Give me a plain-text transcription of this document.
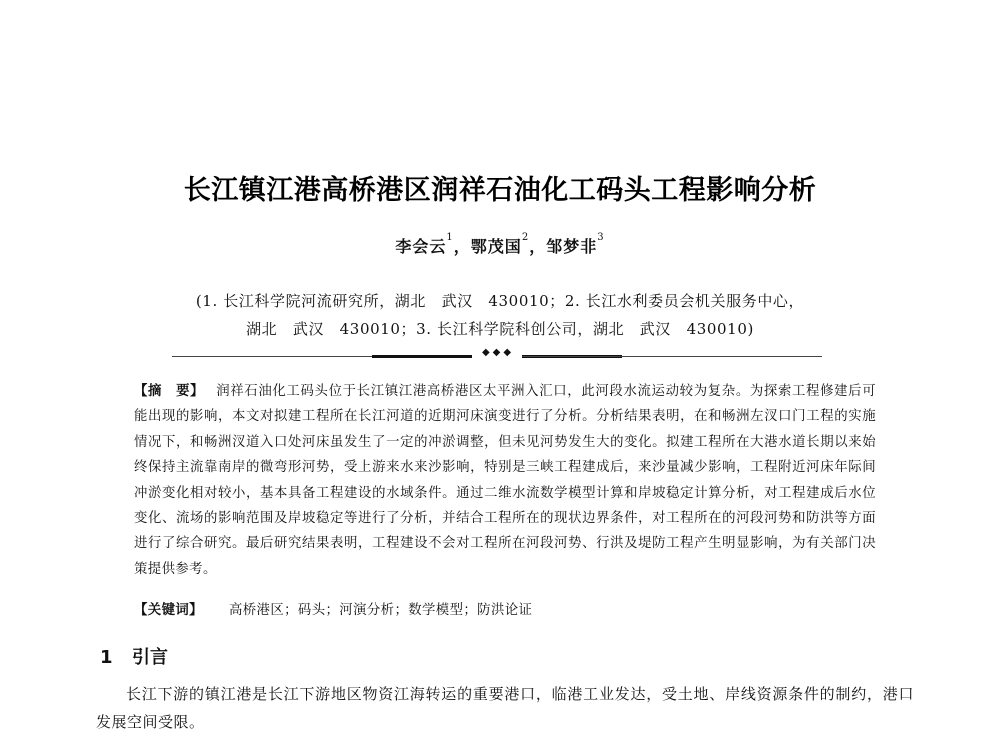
长江镇江港高桥港区润祥石油化工码头工程影响分析
李会云$^1$，鄂茂国$^2$，邹梦非$^3$
(1. 长江科学院河流研究所，湖北　武汉　430010；2. 长江水利委员会机关服务中心，
湖北　武汉　430010；3. 长江科学院科创公司，湖北　武汉　430010)
◆◆◆
【摘　要】 润祥石油化工码头位于长江镇江港高桥港区太平洲入汇口，此河段水流运动较为复杂。为探索工程修建后可能出现的影响，本文对拟建工程所在长江河道的近期河床演变进行了分析。分析结果表明，在和畅洲左汊口门工程的实施情况下，和畅洲汊道入口处河床虽发生了一定的冲淤调整，但未见河势发生大的变化。拟建工程所在大港水道长期以来始终保持主流靠南岸的微弯形河势，受上游来水来沙影响，特别是三峡工程建成后，来沙量减少影响，工程附近河床年际间冲淤变化相对较小，基本具备工程建设的水域条件。通过二维水流数学模型计算和岸坡稳定计算分析，对工程建成后水位变化、流场的影响范围及岸坡稳定等进行了分析，并结合工程所在的现状边界条件，对工程所在的河段河势和防洪等方面进行了综合研究。最后研究结果表明，工程建设不会对工程所在河段河势、行洪及堤防工程产生明显影响，为有关部门决策提供参考。
【关键词】 高桥港区；码头；河演分析；数学模型；防洪论证
1 引言
长江下游的镇江港是长江下游地区物资江海转运的重要港口，临港工业发达，受土地、岸线资源条件的制约，港口发展空间受限。
